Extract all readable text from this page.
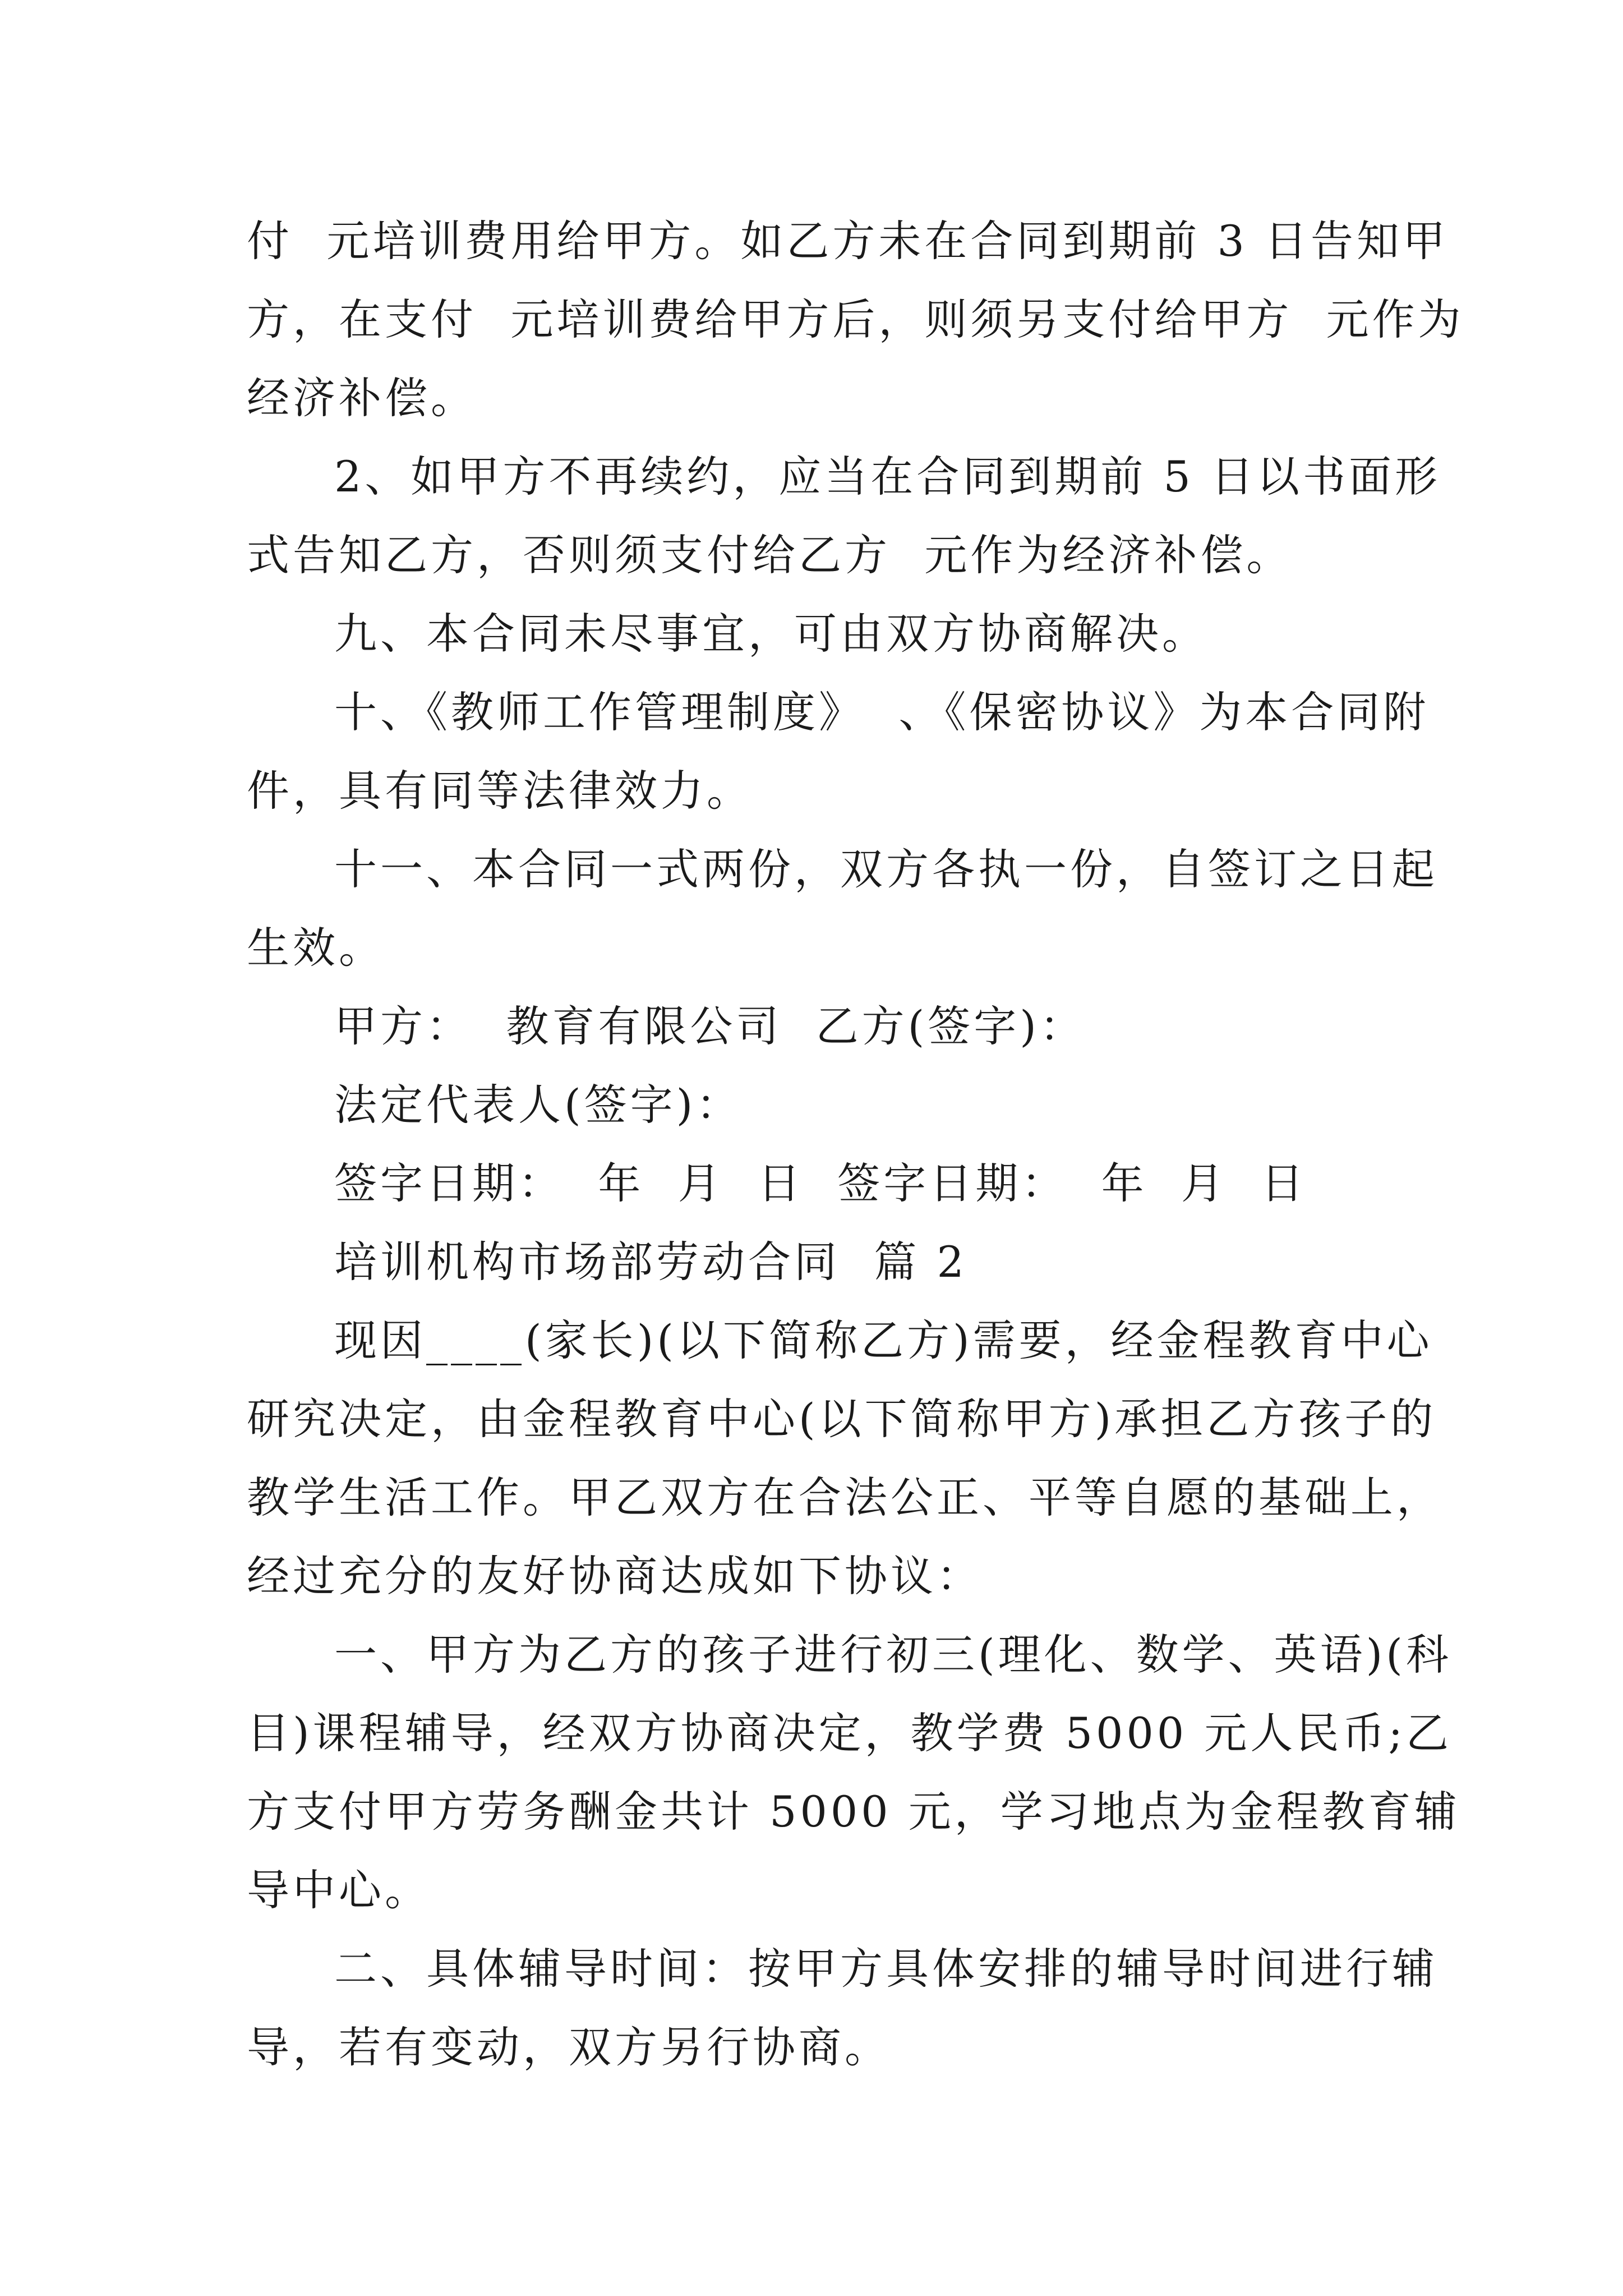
付  元培训费用给甲方。如乙方未在合同到期前 3 日告知甲
方，在支付  元培训费给甲方后，则须另支付给甲方  元作为
经济补偿。
2、如甲方不再续约，应当在合同到期前 5 日以书面形
式告知乙方，否则须支付给乙方  元作为经济补偿。
九、本合同未尽事宜，可由双方协商解决。
十、《教师工作管理制度》  、《保密协议》为本合同附
件，具有同等法律效力。
十一、本合同一式两份，双方各执一份，自签订之日起
生效。
甲方：  教育有限公司  乙方(签字)：
法定代表人(签字)：
签字日期：  年  月  日  签字日期：  年  月  日
培训机构市场部劳动合同  篇 2
现因____(家长)(以下简称乙方)需要，经金程教育中心
研究决定，由金程教育中心(以下简称甲方)承担乙方孩子的
教学生活工作。甲乙双方在合法公正、平等自愿的基础上，
经过充分的友好协商达成如下协议：
一、甲方为乙方的孩子进行初三(理化、数学、英语)(科
目)课程辅导，经双方协商决定，教学费 5000 元人民币;乙
方支付甲方劳务酬金共计 5000 元，学习地点为金程教育辅
导中心。
二、具体辅导时间：按甲方具体安排的辅导时间进行辅
导，若有变动，双方另行协商。
